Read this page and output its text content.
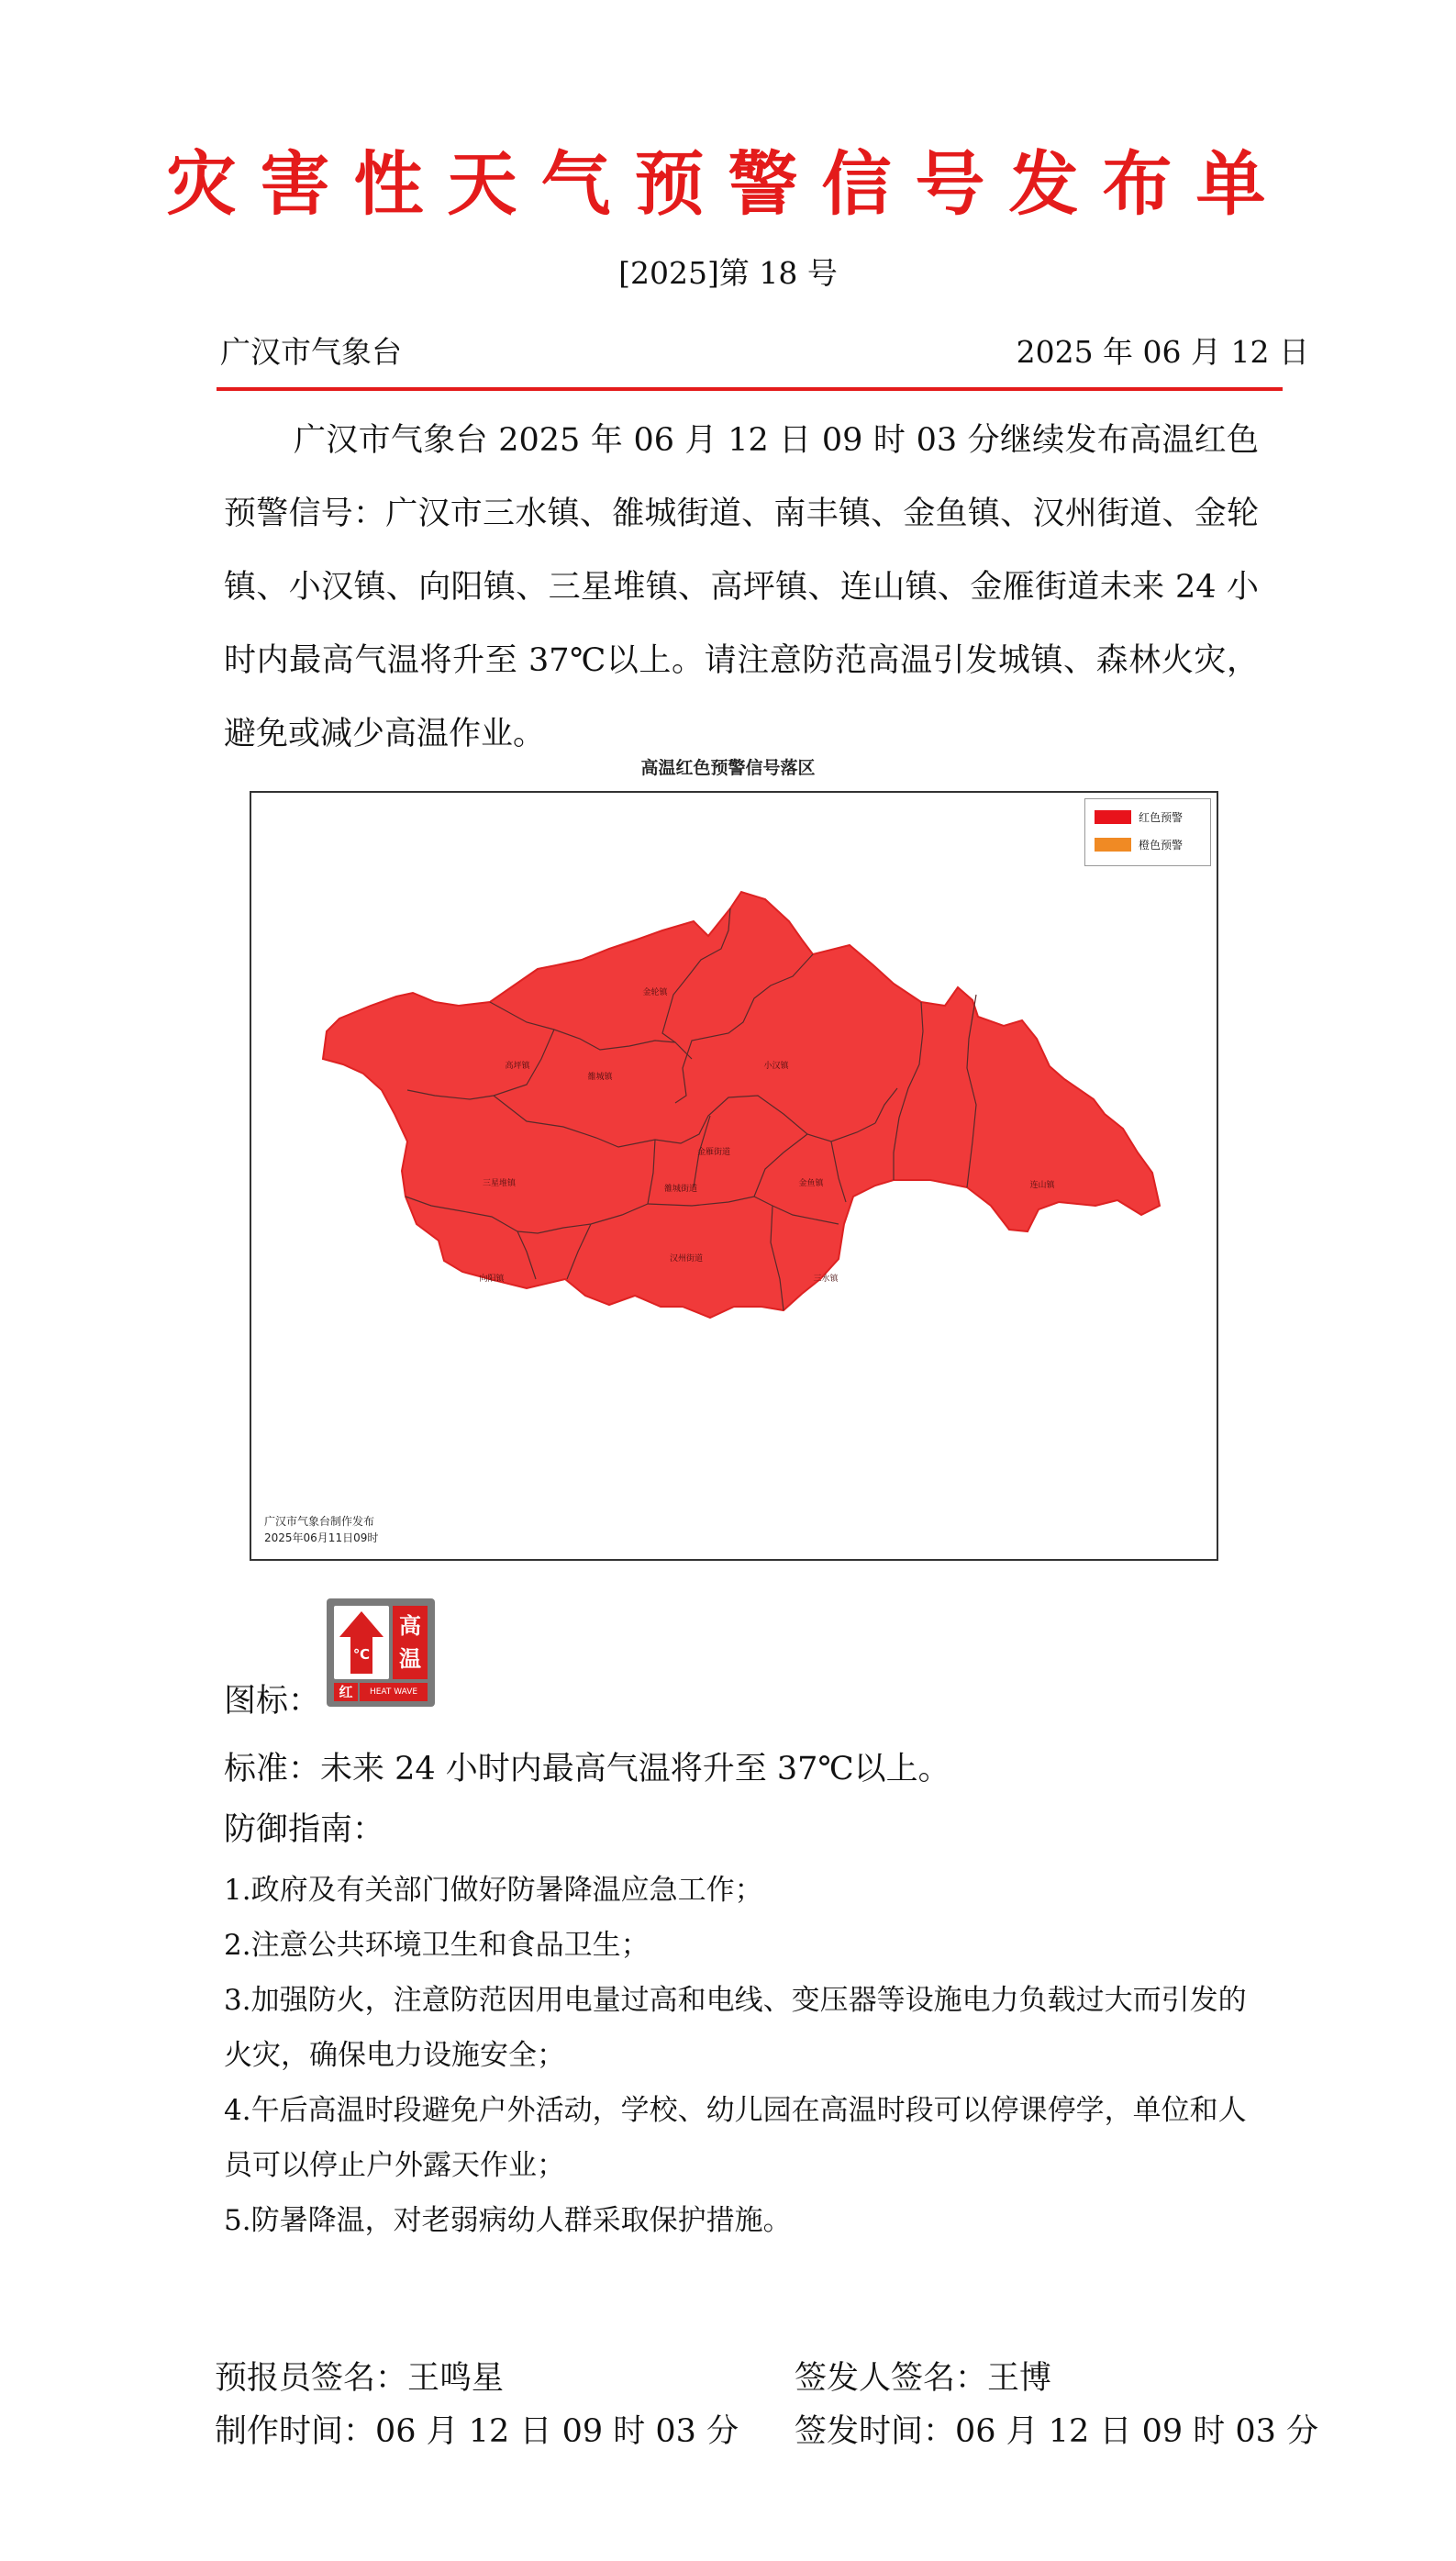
灾害性天气预警信号发布单
[2025]第 18 号
广汉市气象台	2025 年 06 月 12 日
广汉市气象台 2025 年 06 月 12 日 09 时 03 分继续发布高温红色预警信号：广汉市三水镇、雒城街道、南丰镇、金鱼镇、汉州街道、金轮镇、小汉镇、向阳镇、三星堆镇、高坪镇、连山镇、金雁街道未来 24 小时内最高气温将升至 37℃以上。请注意防范高温引发城镇、森林火灾，避免或减少高温作业。
高温红色预警信号落区
金轮镇
高坪镇
雒城镇
小汉镇
金雁街道
三星堆镇
雒城街道
金鱼镇	连山镇
汉州街道
向阳镇	三水镇
红色预警
橙色预警
广汉市气象台制作发布
2025年06月11日09时
图标：
℃
高
温
红	HEAT WAVE
标准：未来 24 小时内最高气温将升至 37℃以上。
防御指南：
1.政府及有关部门做好防暑降温应急工作；
2.注意公共环境卫生和食品卫生；
3.加强防火，注意防范因用电量过高和电线、变压器等设施电力负载过大而引发的火灾，确保电力设施安全；
4.午后高温时段避免户外活动，学校、幼儿园在高温时段可以停课停学，单位和人员可以停止户外露天作业；
5.防暑降温，对老弱病幼人群采取保护措施。
预报员签名：王鸣星	签发人签名：王博
制作时间：06 月 12 日 09 时 03 分 签发时间：06 月 12 日 09 时 03 分
